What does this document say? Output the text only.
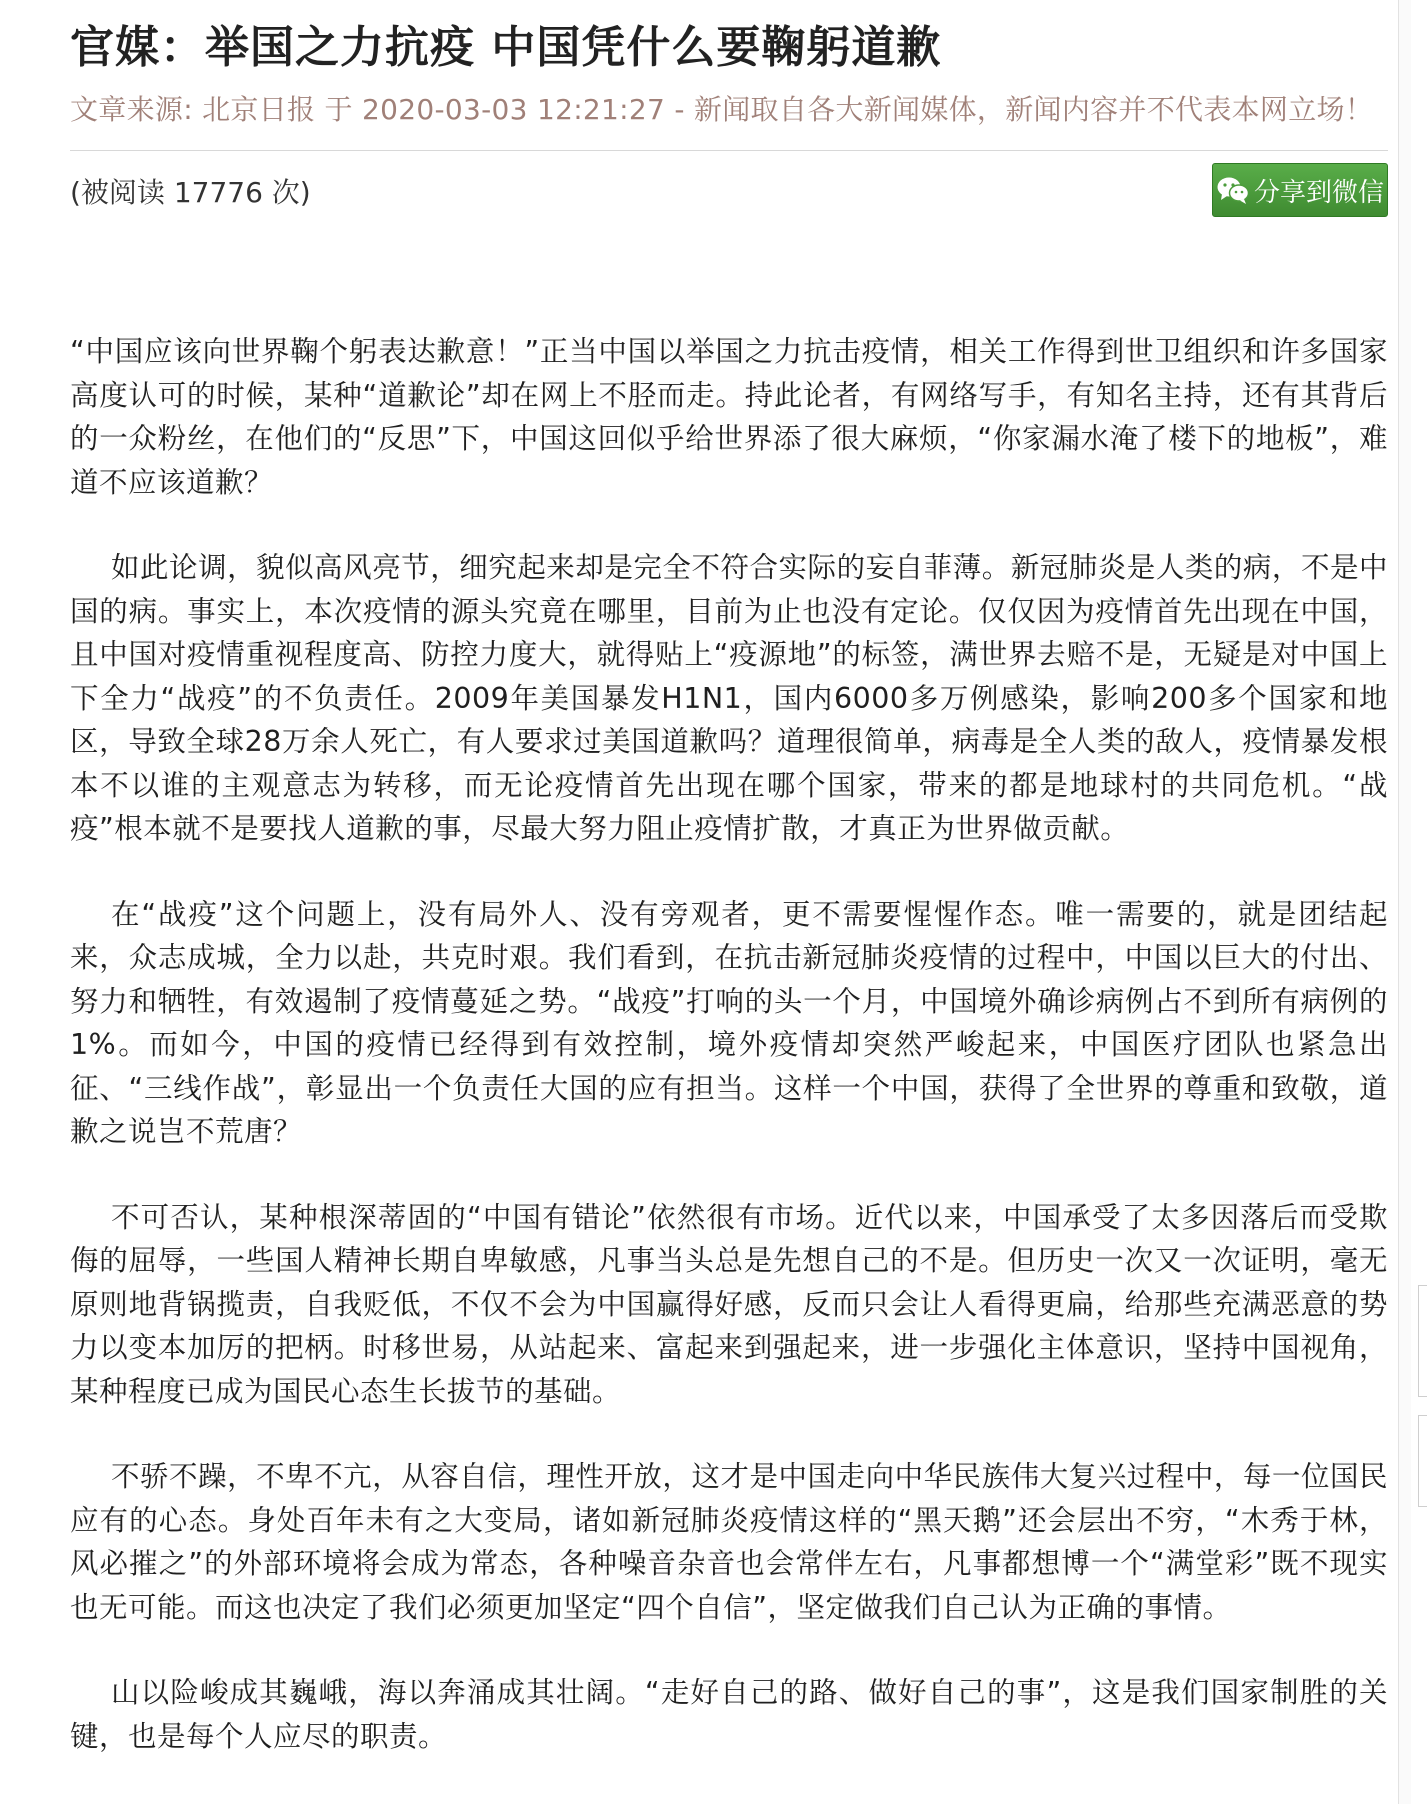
官媒：举国之力抗疫 中国凭什么要鞠躬道歉
文章来源: 北京日报 于 2020-03-03 12:21:27 - 新闻取自各大新闻媒体，新闻内容并不代表本网立场！
(被阅读 17776 次)	分享到微信

“中国应该向世界鞠个躬表达歉意！”正当中国以举国之力抗击疫情，相关工作得到世卫组织和许多国家高度认可的时候，某种“道歉论”却在网上不胫而走。持此论者，有网络写手，有知名主持，还有其背后的一众粉丝，在他们的“反思”下，中国这回似乎给世界添了很大麻烦，“你家漏水淹了楼下的地板”，难道不应该道歉？

如此论调，貌似高风亮节，细究起来却是完全不符合实际的妄自菲薄。新冠肺炎是人类的病，不是中国的病。事实上，本次疫情的源头究竟在哪里，目前为止也没有定论。仅仅因为疫情首先出现在中国，且中国对疫情重视程度高、防控力度大，就得贴上“疫源地”的标签，满世界去赔不是，无疑是对中国上下全力“战疫”的不负责任。2009年美国暴发H1N1，国内6000多万例感染，影响200多个国家和地区，导致全球28万余人死亡，有人要求过美国道歉吗？道理很简单，病毒是全人类的敌人，疫情暴发根本不以谁的主观意志为转移，而无论疫情首先出现在哪个国家，带来的都是地球村的共同危机。“战疫”根本就不是要找人道歉的事，尽最大努力阻止疫情扩散，才真正为世界做贡献。

在“战疫”这个问题上，没有局外人、没有旁观者，更不需要惺惺作态。唯一需要的，就是团结起来，众志成城，全力以赴，共克时艰。我们看到，在抗击新冠肺炎疫情的过程中，中国以巨大的付出、努力和牺牲，有效遏制了疫情蔓延之势。“战疫”打响的头一个月，中国境外确诊病例占不到所有病例的1%。而如今，中国的疫情已经得到有效控制，境外疫情却突然严峻起来，中国医疗团队也紧急出征、“三线作战”，彰显出一个负责任大国的应有担当。这样一个中国，获得了全世界的尊重和致敬，道歉之说岂不荒唐？

不可否认，某种根深蒂固的“中国有错论”依然很有市场。近代以来，中国承受了太多因落后而受欺侮的屈辱，一些国人精神长期自卑敏感，凡事当头总是先想自己的不是。但历史一次又一次证明，毫无原则地背锅揽责，自我贬低，不仅不会为中国赢得好感，反而只会让人看得更扁，给那些充满恶意的势力以变本加厉的把柄。时移世易，从站起来、富起来到强起来，进一步强化主体意识，坚持中国视角，某种程度已成为国民心态生长拔节的基础。

不骄不躁，不卑不亢，从容自信，理性开放，这才是中国走向中华民族伟大复兴过程中，每一位国民应有的心态。身处百年未有之大变局，诸如新冠肺炎疫情这样的“黑天鹅”还会层出不穷，“木秀于林，风必摧之”的外部环境将会成为常态，各种噪音杂音也会常伴左右，凡事都想博一个“满堂彩”既不现实也无可能。而这也决定了我们必须更加坚定“四个自信”，坚定做我们自己认为正确的事情。

山以险峻成其巍峨，海以奔涌成其壮阔。“走好自己的路、做好自己的事”，这是我们国家制胜的关键，也是每个人应尽的职责。
